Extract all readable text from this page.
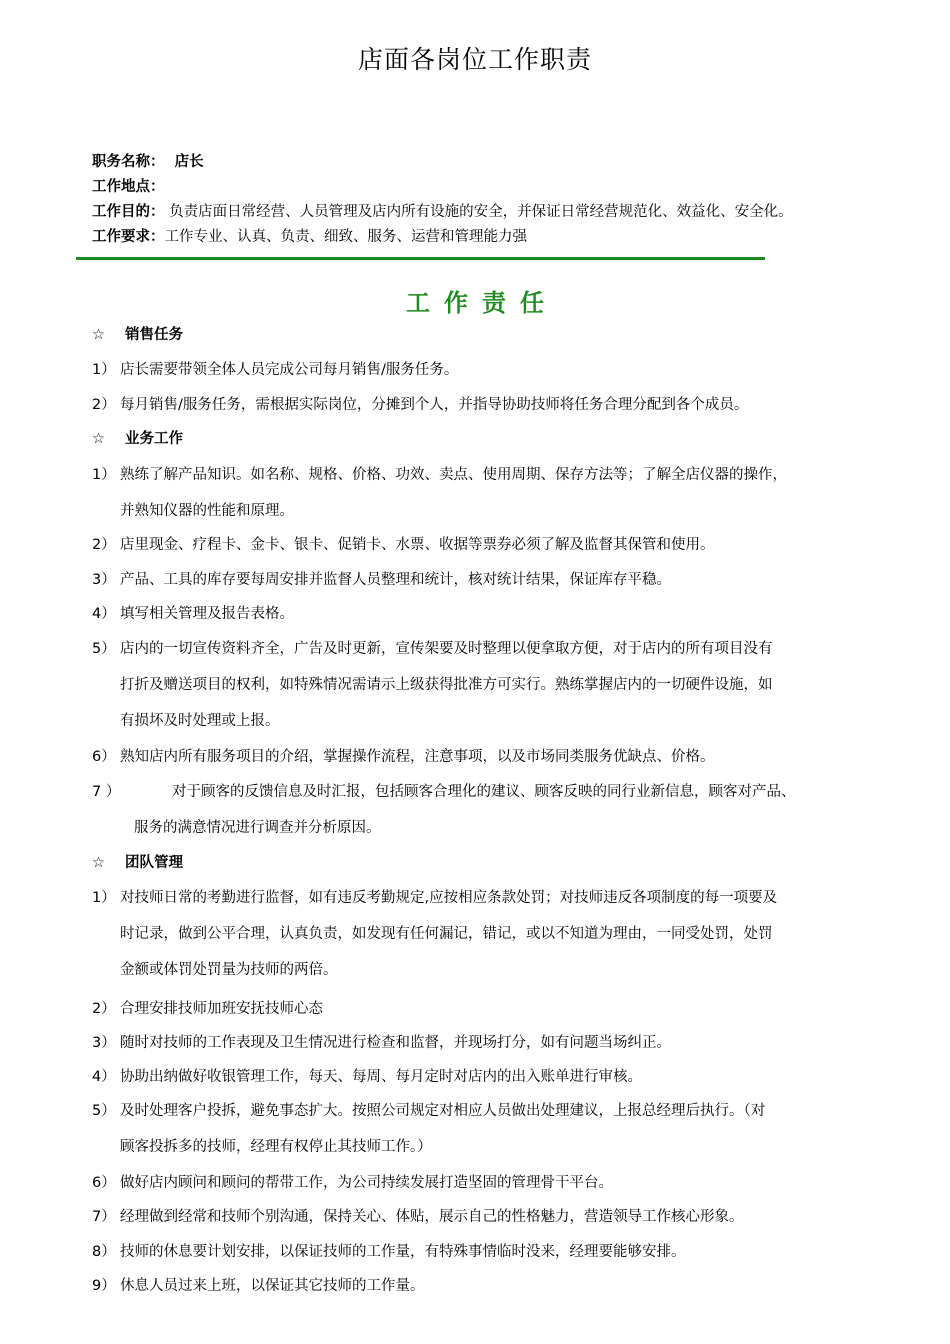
店面各岗位工作职责
职务名称：  店长
工作地点：
工作目的： 负责店面日常经营、人员管理及店内所有设施的安全，并保证日常经营规范化、效益化、安全化。
工作要求：工作专业、认真、负责、细致、服务、运营和管理能力强
工作责任
☆ 销售任务
1） 店长需要带领全体人员完成公司每月销售/服务任务。
2） 每月销售/服务任务，需根据实际岗位，分摊到个人，并指导协助技师将任务合理分配到各个成员。
☆ 业务工作
1） 熟练了解产品知识。如名称、规格、价格、功效、卖点、使用周期、保存方法等；了解全店仪器的操作，
并熟知仪器的性能和原理。
2） 店里现金、疗程卡、金卡、银卡、促销卡、水票、收据等票券必须了解及监督其保管和使用。
3） 产品、工具的库存要每周安排并监督人员整理和统计，核对统计结果，保证库存平稳。
4） 填写相关管理及报告表格。
5） 店内的一切宣传资料齐全，广告及时更新，宣传架要及时整理以便拿取方便，对于店内的所有项目没有
打折及赠送项目的权利，如特殊情况需请示上级获得批准方可实行。熟练掌握店内的一切硬件设施，如
有损坏及时处理或上报。
6） 熟知店内所有服务项目的介绍，掌握操作流程，注意事项，以及市场同类服务优缺点、价格。
7 ）	对于顾客的反馈信息及时汇报，包括顾客合理化的建议、顾客反映的同行业新信息，顾客对产品、
服务的满意情况进行调查并分析原因。
☆ 团队管理
1） 对技师日常的考勤进行监督，如有违反考勤规定,应按相应条款处罚；对技师违反各项制度的每一项要及
时记录，做到公平合理，认真负责，如发现有任何漏记，错记，或以不知道为理由，一同受处罚，处罚
金额或体罚处罚量为技师的两倍。
2） 合理安排技师加班安抚技师心态
3） 随时对技师的工作表现及卫生情况进行检查和监督，并现场打分，如有问题当场纠正。
4） 协助出纳做好收银管理工作，每天、每周、每月定时对店内的出入账单进行审核。
5） 及时处理客户投拆，避免事态扩大。按照公司规定对相应人员做出处理建议，上报总经理后执行。（对
顾客投拆多的技师，经理有权停止其技师工作。）
6） 做好店内顾问和顾问的帮带工作，为公司持续发展打造坚固的管理骨干平台。
7） 经理做到经常和技师个别沟通，保持关心、体贴，展示自己的性格魅力，营造领导工作核心形象。
8） 技师的休息要计划安排，以保证技师的工作量，有特殊事情临时没来，经理要能够安排。
9） 休息人员过来上班，以保证其它技师的工作量。
